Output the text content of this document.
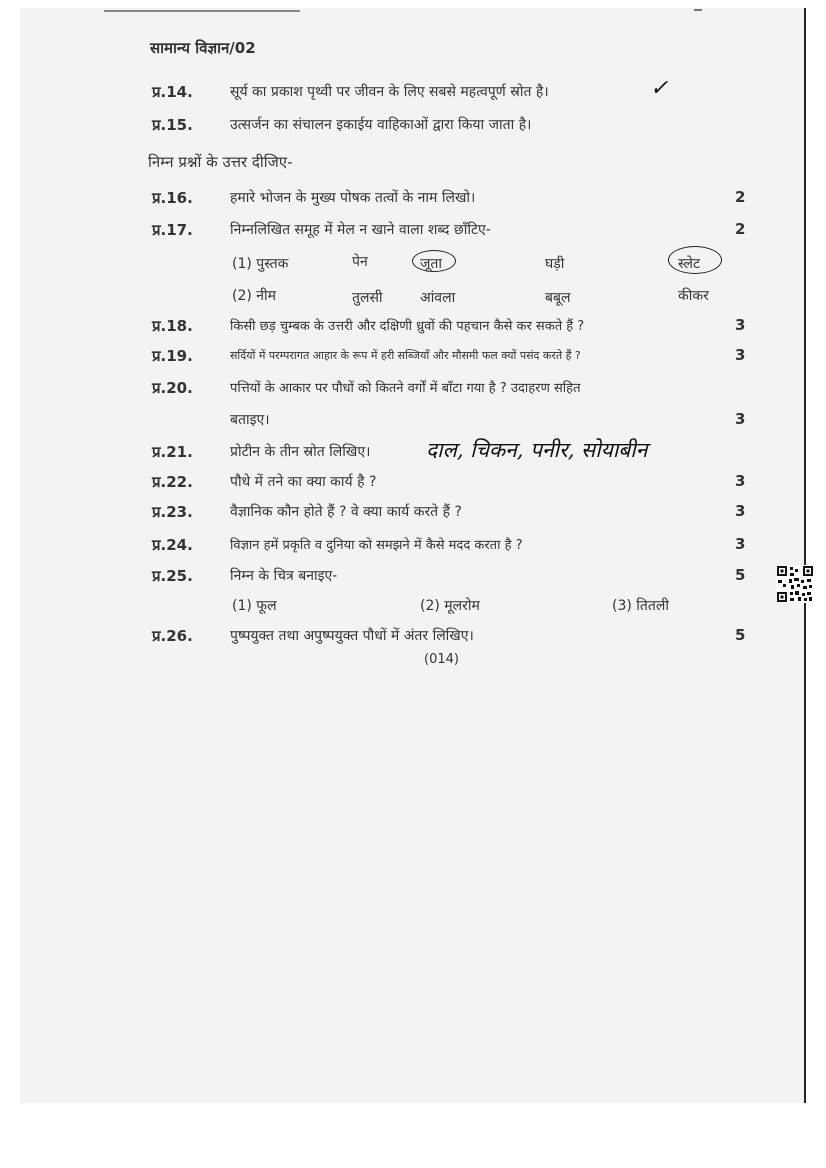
सामान्य विज्ञान/02
प्र.14.	सूर्य का प्रकाश पृथ्वी पर जीवन के लिए सबसे महत्वपूर्ण स्रोत है।	✓
प्र.15.	उत्सर्जन का संचालन इकाईय वाहिकाओं द्वारा किया जाता है।
निम्न प्रश्नों के उत्तर दीजिए-
प्र.16.	हमारे भोजन के मुख्य पोषक तत्वों के नाम लिखो।	2
प्र.17.	निम्नलिखित समूह में मेल न खाने वाला शब्द छाँटिए-	2
(1) पुस्तक	पेन	जूता	घड़ी	स्लेट
(2) नीम	तुलसी	आंवला	बबूल	कीकर
प्र.18.	किसी छड़ चुम्बक के उत्तरी और दक्षिणी ध्रुवों की पहचान कैसे कर सकते हैं ?	3
प्र.19.	सर्दियों में परम्परागत आहार के रूप में हरी सब्जियाँ और मौसमी फल क्यों पसंद करते हैं ?	3
प्र.20.	पत्तियों के आकार पर पौधों को कितने वर्गों में बाँटा गया है ? उदाहरण सहित
बताइए।	3
प्र.21.	प्रोटीन के तीन स्रोत लिखिए।	दाल, चिकन, पनीर, सोयाबीन
प्र.22.	पौधे में तने का क्या कार्य है ?	3
प्र.23.	वैज्ञानिक कौन होते हैं ? वे क्या कार्य करते हैं ?	3
प्र.24.	विज्ञान हमें प्रकृति व दुनिया को समझने में कैसे मदद करता है ?	3
प्र.25.	निम्न के चित्र बनाइए-	5
(1) फूल	(2) मूलरोम	(3) तितली
प्र.26.	पुष्पयुक्त तथा अपुष्पयुक्त पौधों में अंतर लिखिए।	5
(014)
